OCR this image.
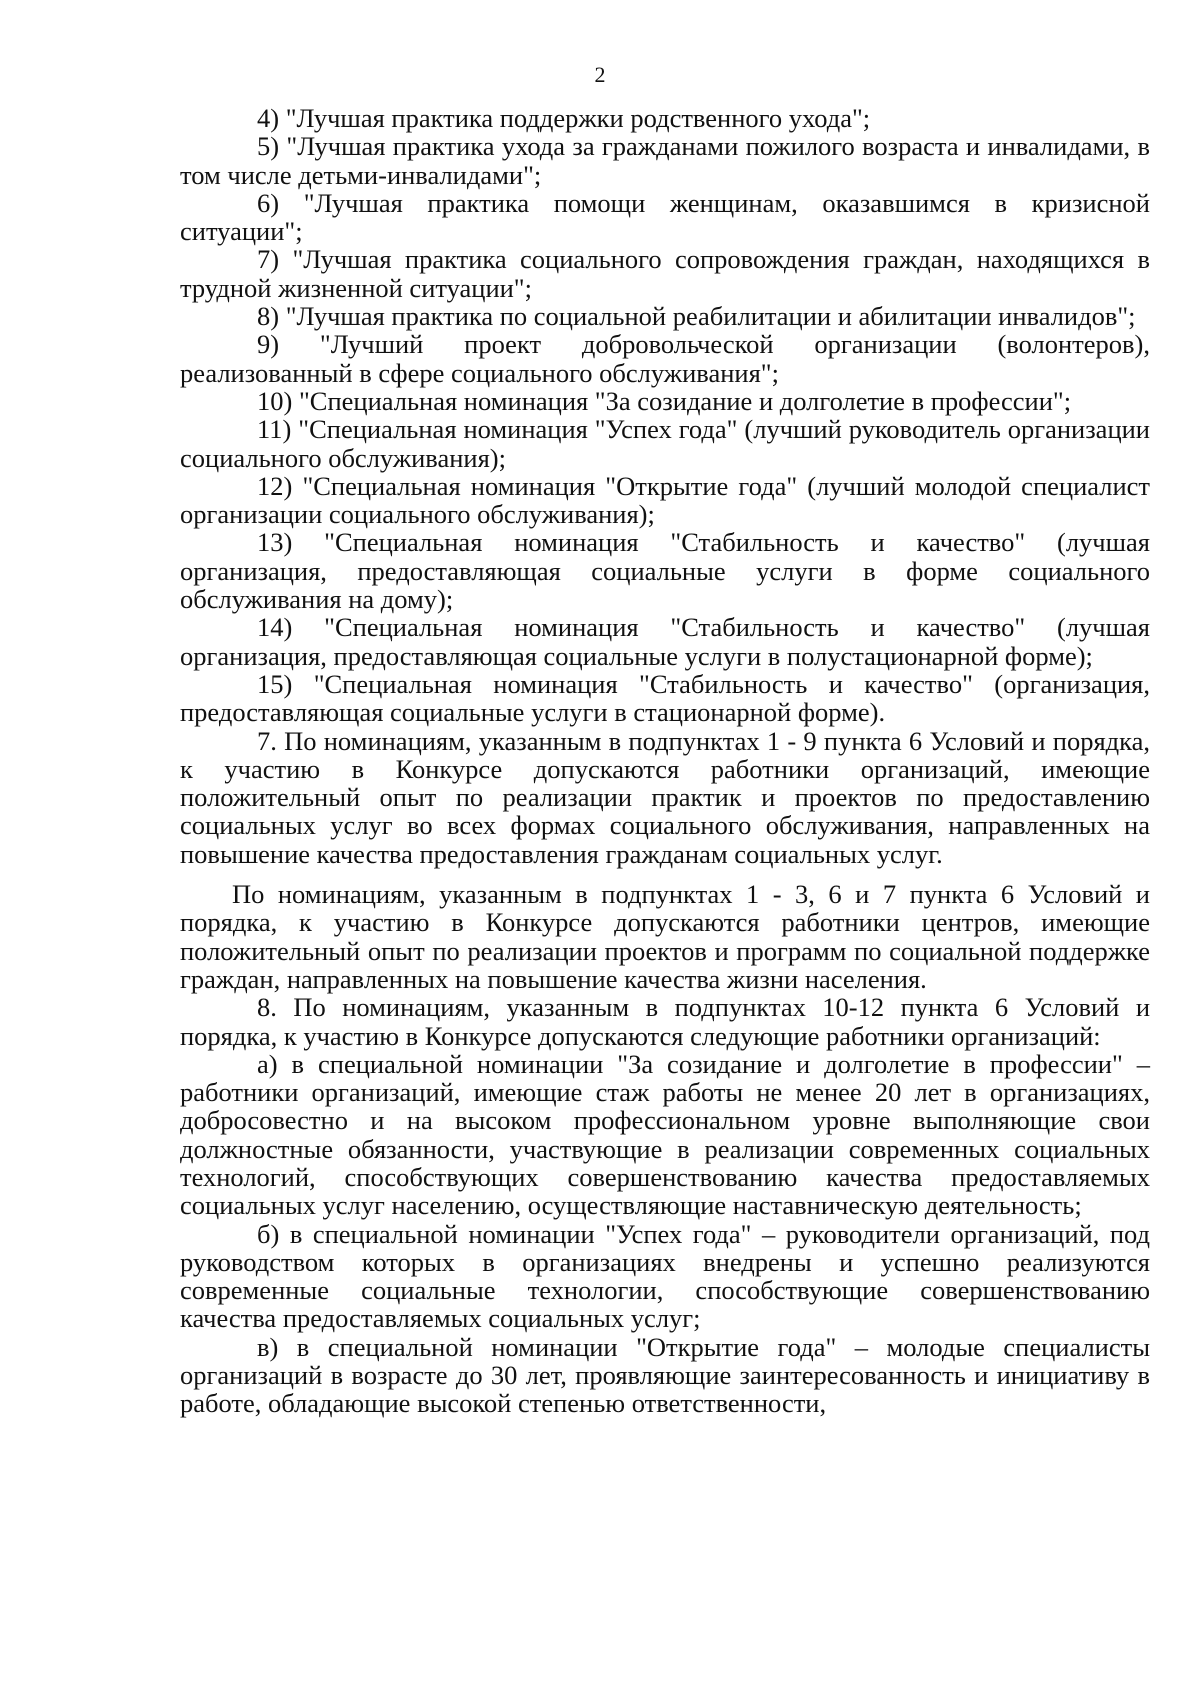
2

4) "Лучшая практика поддержки родственного ухода";

5) "Лучшая практика ухода за гражданами пожилого возраста и инвалидами, в том числе детьми-инвалидами";

6) "Лучшая практика помощи женщинам, оказавшимся в кризисной ситуации";

7) "Лучшая практика социального сопровождения граждан, находящихся в трудной жизненной ситуации";

8) "Лучшая практика по социальной реабилитации и абилитации инвалидов";

9) "Лучший проект добровольческой организации (волонтеров), реализованный в сфере социального обслуживания";

10) "Специальная номинация "За созидание и долголетие в профессии";

11) "Специальная номинация "Успех года" (лучший руководитель организации социального обслуживания);

12) "Специальная номинация "Открытие года" (лучший молодой специалист организации социального обслуживания);

13) "Специальная номинация "Стабильность и качество" (лучшая организация, предоставляющая социальные услуги в форме социального обслуживания на дому);

14) "Специальная номинация "Стабильность и качество" (лучшая организация, предоставляющая социальные услуги в полустационарной форме);

15) "Специальная номинация "Стабильность и качество" (организация, предоставляющая социальные услуги в стационарной форме).

7. По номинациям, указанным в подпунктах 1 - 9 пункта 6 Условий и порядка, к участию в Конкурсе допускаются работники организаций, имеющие положительный опыт по реализации практик и проектов по предоставлению социальных услуг во всех формах социального обслуживания, направленных на повышение качества предоставления гражданам социальных услуг.

По номинациям, указанным в подпунктах 1 - 3, 6 и 7 пункта 6 Условий и порядка, к участию в Конкурсе допускаются работники центров, имеющие положительный опыт по реализации проектов и программ по социальной поддержке граждан, направленных на повышение качества жизни населения.

8. По номинациям, указанным в подпунктах 10-12 пункта 6 Условий и порядка, к участию в Конкурсе допускаются следующие работники организаций:

а) в специальной номинации "За созидание и долголетие в профессии" – работники организаций, имеющие стаж работы не менее 20 лет в организациях, добросовестно и на высоком профессиональном уровне выполняющие свои должностные обязанности, участвующие в реализации современных социальных технологий, способствующих совершенствованию качества предоставляемых социальных услуг населению, осуществляющие наставническую деятельность;

б) в специальной номинации "Успех года" – руководители организаций, под руководством которых в организациях внедрены и успешно реализуются современные социальные технологии, способствующие совершенствованию качества предоставляемых социальных услуг;

в) в специальной номинации "Открытие года" – молодые специалисты организаций в возрасте до 30 лет, проявляющие заинтересованность и инициативу в работе, обладающие высокой степенью ответственности,
